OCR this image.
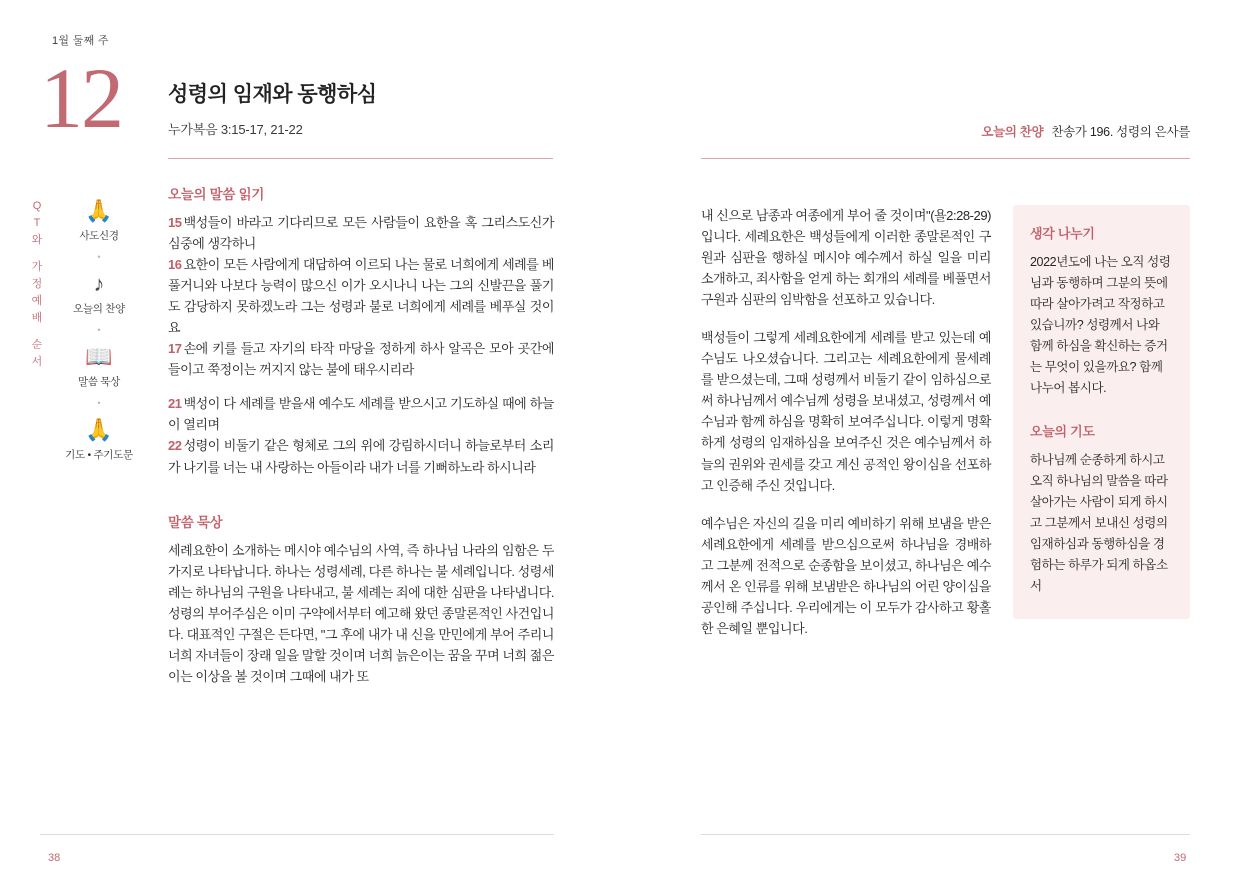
1월 둘째 주
12 성령의 임재와 동행하심
누가복음 3:15-17, 21-22
Q
T
와
가
정
예
배
순
서
🙏
사도신경
•
♪
오늘의 찬양
•
📖
말씀 묵상
•
🙏
기도 • 주기도문
오늘의 말씀 읽기
15 백성들이 바라고 기다리므로 모든 사람들이 요한을 혹 그리스도신가 심중에 생각하니
16 요한이 모든 사람에게 대답하여 이르되 나는 물로 너희에게 세례를 베풀거니와 나보다 능력이 많으신 이가 오시나니 나는 그의 신발끈을 풀기도 감당하지 못하겠노라 그는 성령과 불로 너희에게 세례를 베푸실 것이요
17 손에 키를 들고 자기의 타작 마당을 정하게 하사 알곡은 모아 곳간에 들이고 쭉정이는 꺼지지 않는 불에 태우시리라
21 백성이 다 세례를 받을새 예수도 세례를 받으시고 기도하실 때에 하늘이 열리며
22 성령이 비둘기 같은 형체로 그의 위에 강림하시더니 하늘로부터 소리가 나기를 너는 내 사랑하는 아들이라 내가 너를 기뻐하노라 하시니라
말씀 묵상
세례요한이 소개하는 메시야 예수님의 사역, 즉 하나님 나라의 임함은 두 가지로 나타납니다. 하나는 성령세례, 다른 하나는 불 세례입니다. 성령세례는 하나님의 구원을 나타내고, 불 세례는 죄에 대한 심판을 나타냅니다. 성령의 부어주심은 이미 구약에서부터 예고해 왔던 종말론적인 사건입니다. 대표적인 구절은 든다면, "그 후에 내가 내 신을 만민에게 부어 주리니 너희 자녀들이 장래 일을 말할 것이며 너희 늙은이는 꿈을 꾸며 너희 젊은이는 이상을 볼 것이며 그때에 내가 또
38
오늘의 찬양 찬송가 196. 성령의 은사를

내 신으로 남종과 여종에게 부어 줄 것이며"(욜2:28-29)입니다. 세례요한은 백성들에게 이러한 종말론적인 구원과 심판을 행하실 메시야 예수께서 하실 일을 미리 소개하고, 죄사함을 얻게 하는 회개의 세례를 베풀면서 구원과 심판의 임박함을 선포하고 있습니다.

백성들이 그렇게 세례요한에게 세례를 받고 있는데 예수님도 나오셨습니다. 그리고는 세례요한에게 물세례를 받으셨는데, 그때 성령께서 비둘기 같이 임하심으로써 하나님께서 예수님께 성령을 보내셨고, 성령께서 예수님과 함께 하심을 명확히 보여주십니다. 이렇게 명확하게 성령의 임재하심을 보여주신 것은 예수님께서 하늘의 권위와 권세를 갖고 계신 공적인 왕이심을 선포하고 인증해 주신 것입니다.

예수님은 자신의 길을 미리 예비하기 위해 보냄을 받은 세례요한에게 세례를 받으심으로써 하나님을 경배하고 그분께 전적으로 순종함을 보이셨고, 하나님은 예수께서 온 인류를 위해 보냄받은 하나님의 어린 양이심을 공인해 주십니다. 우리에게는 이 모두가 감사하고 황홀한 은혜일 뿐입니다.

생각 나누기
2022년도에 나는 오직 성령님과 동행하며 그분의 뜻에 따라 살아가려고 작정하고 있습니까? 성령께서 나와 함께 하심을 확신하는 증거는 무엇이 있을까요? 함께 나누어 봅시다.
오늘의 기도
하나님께 순종하게 하시고 오직 하나님의 말씀을 따라 살아가는 사람이 되게 하시고 그분께서 보내신 성령의 임재하심과 동행하심을 경험하는 하루가 되게 하옵소서
39
